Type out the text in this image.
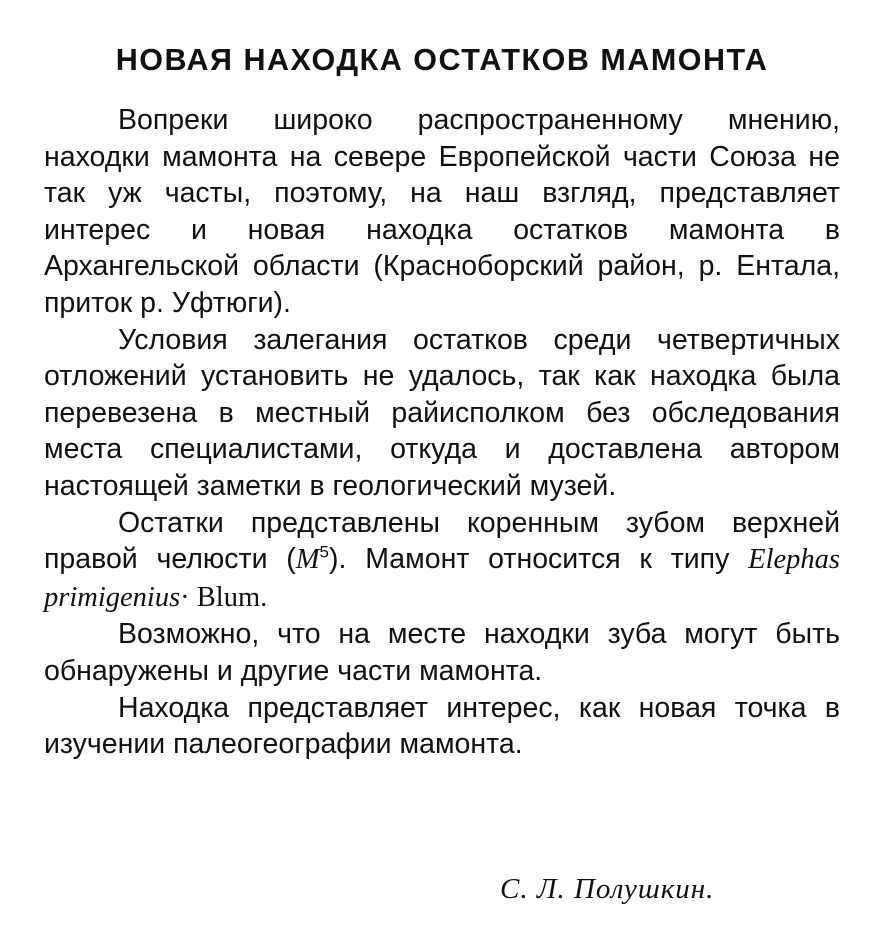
НОВАЯ НАХОДКА ОСТАТКОВ МАМОНТА

Вопреки широко распространенному мнению, находки мамонта на севере Европейской части Союза не так уж часты, поэтому, на наш взгляд, представляет интерес и новая находка остатков мамонта в Архангельской области (Красноборский район, р. Ентала, приток р. Уфтюги).

Условия залегания остатков среди четвертичных отложений установить не удалось, так как находка была перевезена в местный райисполком без обследования места специалистами, откуда и доставлена автором настоящей заметки в геологический музей.

Остатки представлены коренным зубом верхней правой челюсти $(M^5)$. Мамонт относится к типу Elephas primigenius· Blum.

Возможно, что на месте находки зуба могут быть обнаружены и другие части мамонта.

Находка представляет интерес, как новая точка в изучении палеогеографии мамонта.

С. Л. Полушкин.
